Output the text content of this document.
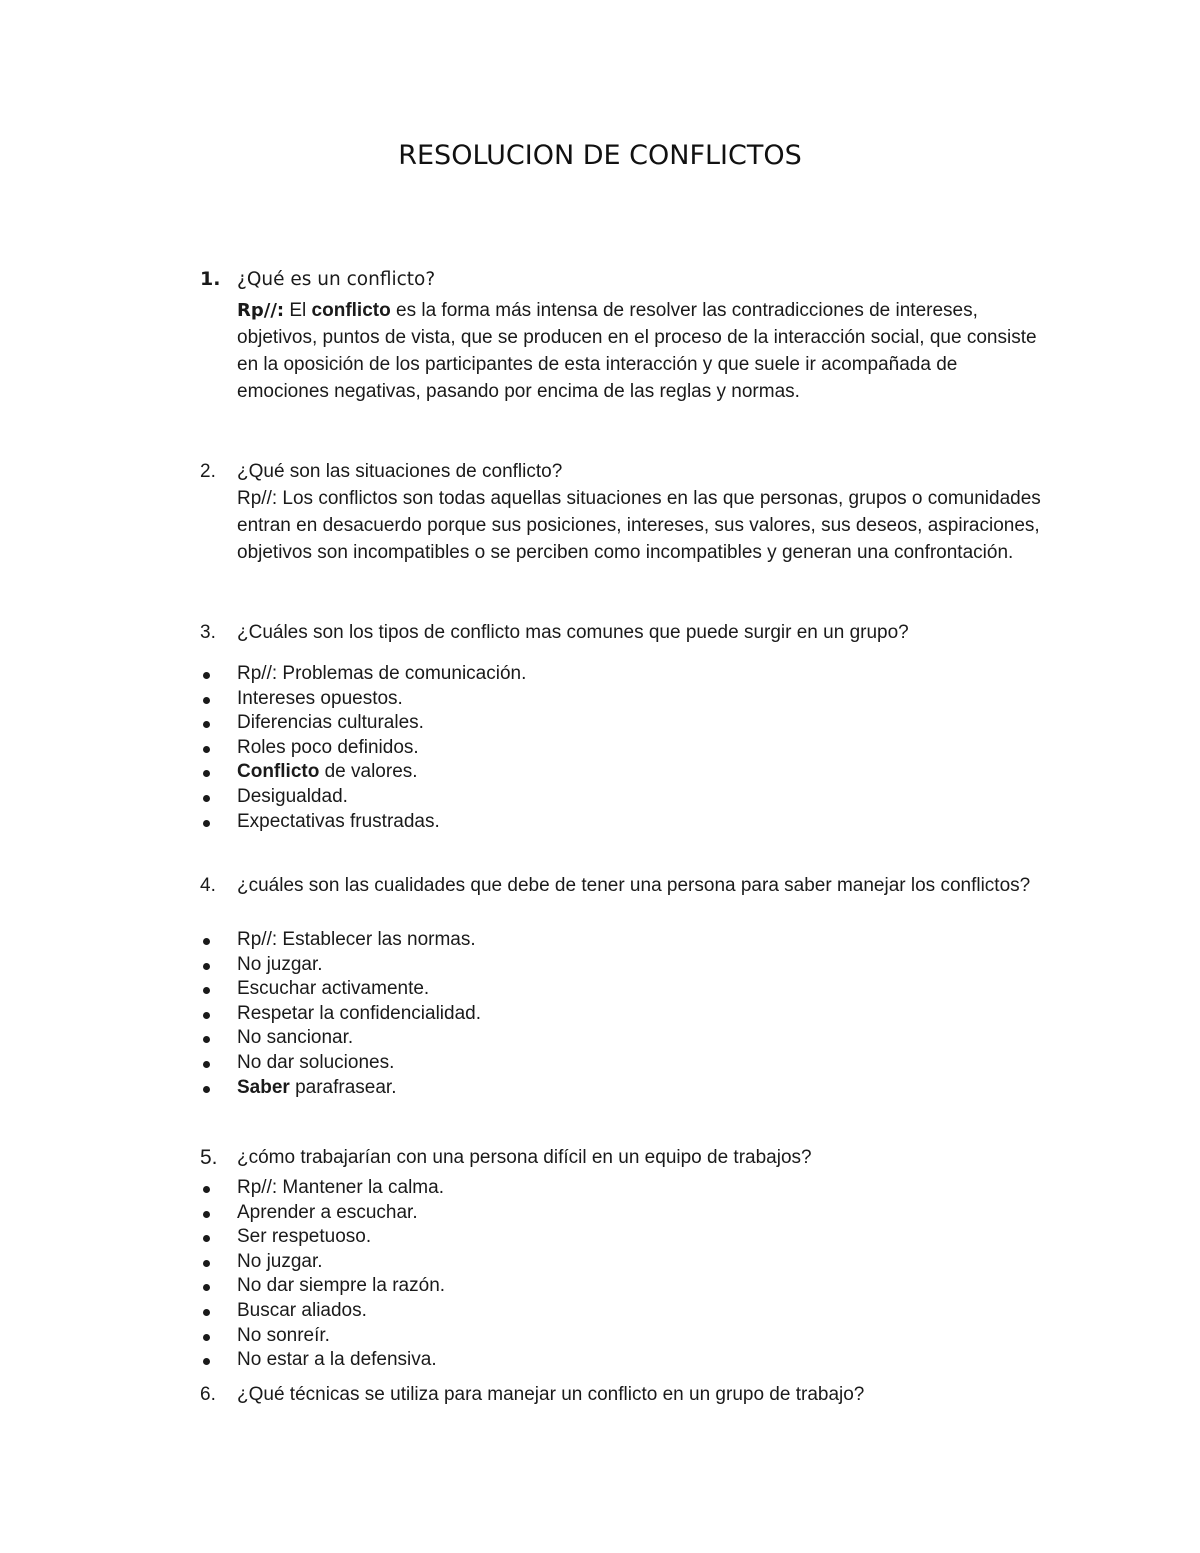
RESOLUCION DE CONFLICTOS
1. ¿Qué es un conflicto?
Rp//: El conflicto es la forma más intensa de resolver las contradicciones de intereses, objetivos, puntos de vista, que se producen en el proceso de la interacción social, que consiste en la oposición de los participantes de esta interacción y que suele ir acompañada de emociones negativas, pasando por encima de las reglas y normas.
2.	¿Qué son las situaciones de conflicto?
Rp//: Los conflictos son todas aquellas situaciones en las que personas, grupos o comunidades entran en desacuerdo porque sus posiciones, intereses, sus valores, sus deseos, aspiraciones, objetivos son incompatibles o se perciben como incompatibles y generan una confrontación.
3.	¿Cuáles son los tipos de conflicto mas comunes que puede surgir en un grupo?
Rp//: Problemas de comunicación.
Intereses opuestos.
Diferencias culturales.
Roles poco definidos.
Conflicto de valores.
Desigualdad.
Expectativas frustradas.
4.	¿cuáles son las cualidades que debe de tener una persona para saber manejar los conflictos?
Rp//: Establecer las normas.
No juzgar.
Escuchar activamente.
Respetar la confidencialidad.
No sancionar.
No dar soluciones.
Saber parafrasear.
5.	¿cómo trabajarían con una persona difícil en un equipo de trabajos?
Rp//: Mantener la calma.
Aprender a escuchar.
Ser respetuoso.
No juzgar.
No dar siempre la razón.
Buscar aliados.
No sonreír.
No estar a la defensiva.
6.	¿Qué técnicas se utiliza para manejar un conflicto en un grupo de trabajo?
